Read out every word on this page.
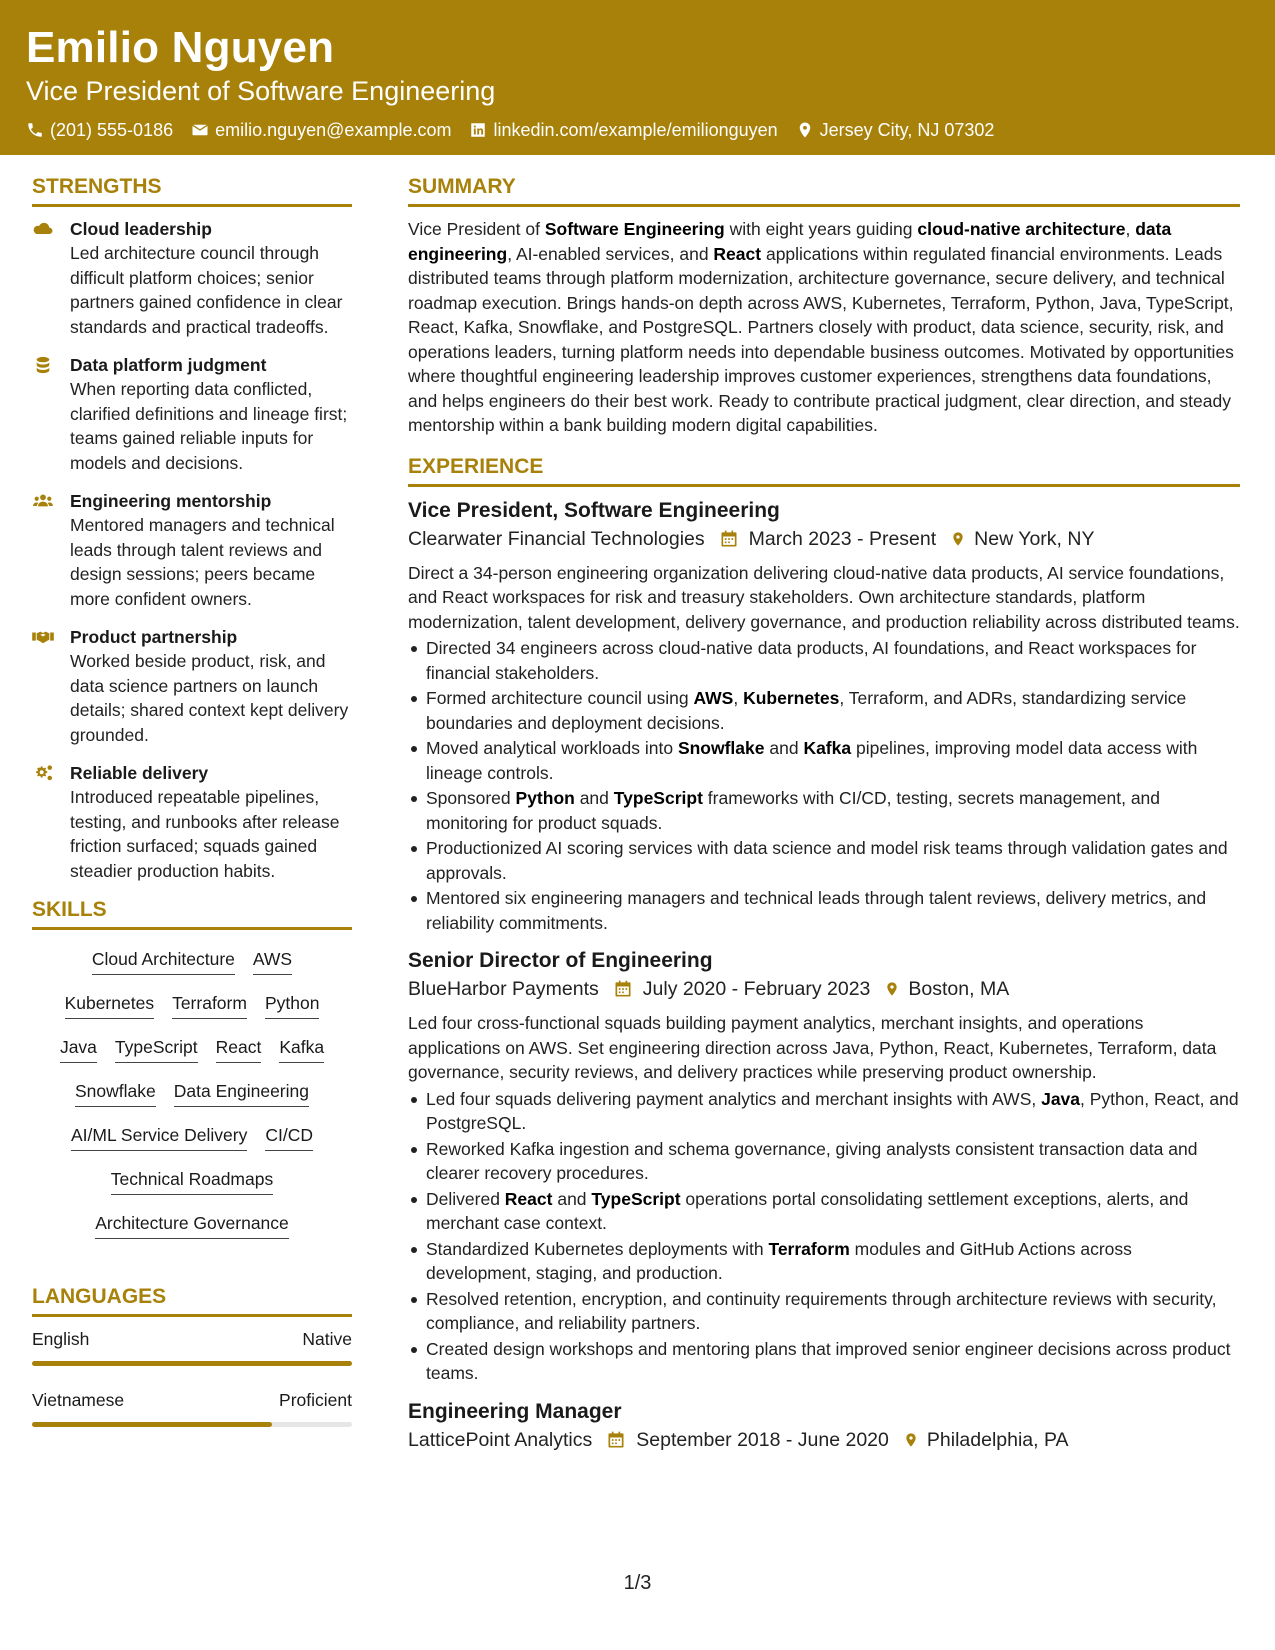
Emilio Nguyen
Vice President of Software Engineering
(201) 555-0186 emilio.nguyen@example.com linkedin.com/example/emilionguyen Jersey City, NJ 07302
STRENGTHS
Cloud leadership
Led architecture council through difficult platform choices; senior partners gained confidence in clear standards and practical tradeoffs.
Data platform judgment
When reporting data conflicted, clarified definitions and lineage first; teams gained reliable inputs for models and decisions.
Engineering mentorship
Mentored managers and technical leads through talent reviews and design sessions; peers became more confident owners.
Product partnership
Worked beside product, risk, and data science partners on launch details; shared context kept delivery grounded.
Reliable delivery
Introduced repeatable pipelines, testing, and runbooks after release friction surfaced; squads gained steadier production habits.
SKILLS
Cloud Architecture AWS
Kubernetes Terraform Python
Java TypeScript React Kafka
Snowflake Data Engineering
AI/ML Service Delivery CI/CD
Technical Roadmaps
Architecture Governance
LANGUAGES
English	Native
Vietnamese	Proficient
SUMMARY
Vice President of Software Engineering with eight years guiding cloud-native architecture, data engineering, AI-enabled services, and React applications within regulated financial environments. Leads distributed teams through platform modernization, architecture governance, secure delivery, and technical roadmap execution. Brings hands-on depth across AWS, Kubernetes, Terraform, Python, Java, TypeScript, React, Kafka, Snowflake, and PostgreSQL. Partners closely with product, data science, security, risk, and operations leaders, turning platform needs into dependable business outcomes. Motivated by opportunities where thoughtful engineering leadership improves customer experiences, strengthens data foundations, and helps engineers do their best work. Ready to contribute practical judgment, clear direction, and steady mentorship within a bank building modern digital capabilities.
EXPERIENCE
Vice President, Software Engineering
Clearwater Financial Technologies March 2023 - Present New York, NY
Direct a 34-person engineering organization delivering cloud-native data products, AI service foundations, and React workspaces for risk and treasury stakeholders. Own architecture standards, platform modernization, talent development, delivery governance, and production reliability across distributed teams.
Directed 34 engineers across cloud-native data products, AI foundations, and React workspaces for financial stakeholders.
Formed architecture council using AWS, Kubernetes, Terraform, and ADRs, standardizing service boundaries and deployment decisions.
Moved analytical workloads into Snowflake and Kafka pipelines, improving model data access with lineage controls.
Sponsored Python and TypeScript frameworks with CI/CD, testing, secrets management, and monitoring for product squads.
Productionized AI scoring services with data science and model risk teams through validation gates and approvals.
Mentored six engineering managers and technical leads through talent reviews, delivery metrics, and reliability commitments.
Senior Director of Engineering
BlueHarbor Payments July 2020 - February 2023 Boston, MA
Led four cross-functional squads building payment analytics, merchant insights, and operations applications on AWS. Set engineering direction across Java, Python, React, Kubernetes, Terraform, data governance, security reviews, and delivery practices while preserving product ownership.
Led four squads delivering payment analytics and merchant insights with AWS, Java, Python, React, and PostgreSQL.
Reworked Kafka ingestion and schema governance, giving analysts consistent transaction data and clearer recovery procedures.
Delivered React and TypeScript operations portal consolidating settlement exceptions, alerts, and merchant case context.
Standardized Kubernetes deployments with Terraform modules and GitHub Actions across development, staging, and production.
Resolved retention, encryption, and continuity requirements through architecture reviews with security, compliance, and reliability partners.
Created design workshops and mentoring plans that improved senior engineer decisions across product teams.
Engineering Manager
LatticePoint Analytics September 2018 - June 2020 Philadelphia, PA
1/3
